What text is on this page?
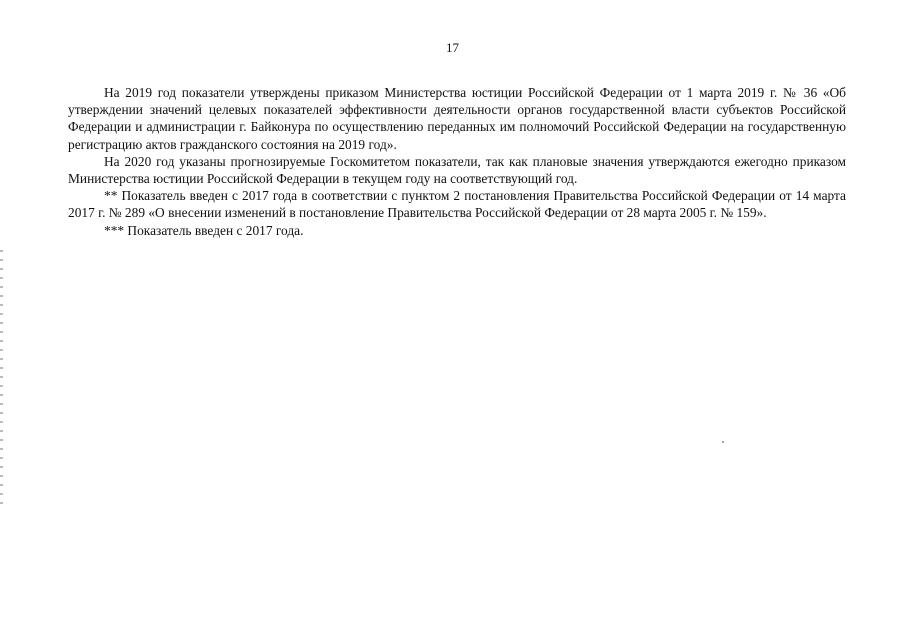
17

На 2019 год показатели утверждены приказом Министерства юстиции Российской Федерации от 1 марта 2019 г. № 36 «Об утверждении значений целевых показателей эффективности деятельности органов государственной власти субъектов Российской Федерации и администрации г. Байконура по осуществлению переданных им полномочий Российской Федерации на государственную регистрацию актов гражданского состояния на 2019 год».

На 2020 год указаны прогнозируемые Госкомитетом показатели, так как плановые значения утверждаются ежегодно приказом Министерства юстиции Российской Федерации в текущем году на соответствующий год.

** Показатель введен с 2017 года в соответствии с пунктом 2 постановления Правительства Российской Федерации от 14 марта 2017 г. № 289 «О внесении изменений в постановление Правительства Российской Федерации от 28 марта 2005 г. № 159».

*** Показатель введен с 2017 года.
